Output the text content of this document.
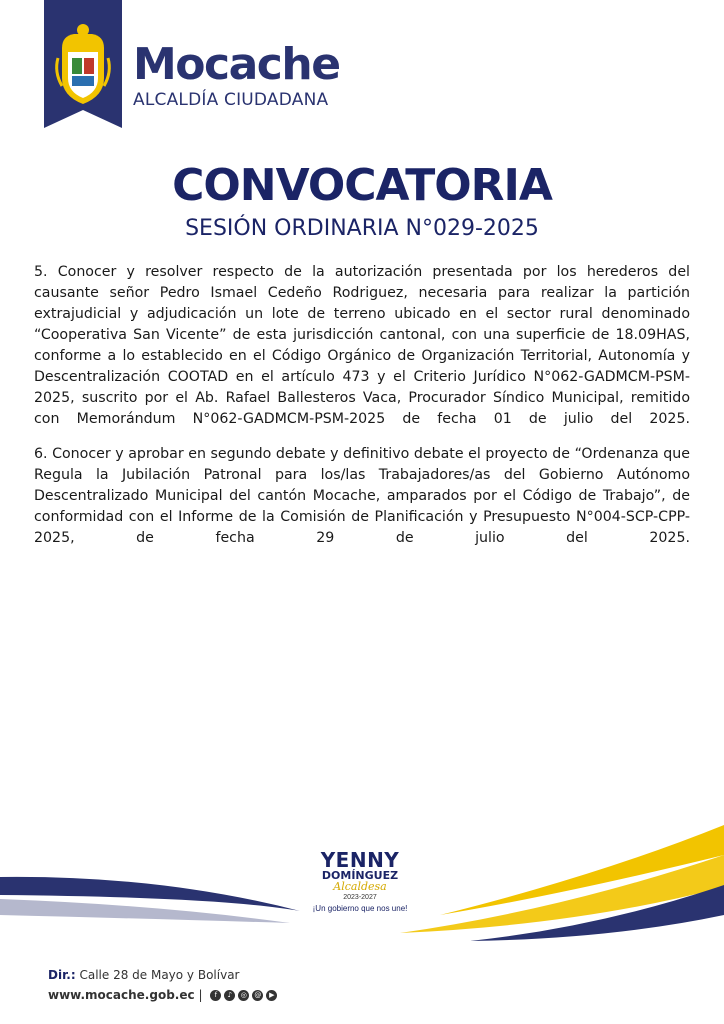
Mocache
ALCALDÍA CIUDADANA
CONVOCATORIA
SESIÓN ORDINARIA N°029-2025

5. Conocer y resolver respecto de la autorización presentada por los herederos del causante señor Pedro Ismael Cedeño Rodriguez, necesaria para realizar la partición extrajudicial y adjudicación un lote de terreno ubicado en el sector rural denominado “Cooperativa San Vicente” de esta jurisdicción cantonal, con una superficie de 18.09HAS, conforme a lo establecido en el Código Orgánico de Organización Territorial, Autonomía y Descentralización COOTAD en el artículo 473 y el Criterio Jurídico N°062-GADMCM-PSM-2025, suscrito por el Ab. Rafael Ballesteros Vaca, Procurador Síndico Municipal, remitido con Memorándum N°062-GADMCM-PSM-2025 de fecha 01 de julio del 2025.

6. Conocer y aprobar en segundo debate y definitivo debate el proyecto de “Ordenanza que Regula la Jubilación Patronal para los/las Trabajadores/as del Gobierno Autónomo Descentralizado Municipal del cantón Mocache, amparados por el Código de Trabajo”, de conformidad con el Informe de la Comisión de Planificación y Presupuesto N°004-SCP-CPP-2025, de fecha 29 de julio del 2025.

YENNY
DOMÍNGUEZ
Alcaldesa
2023-2027
¡Un gobierno que nos une!
Dir.: Calle 28 de Mayo y Bolívar
www.mocache.gob.ec |	f	♪	◎	@	▶
